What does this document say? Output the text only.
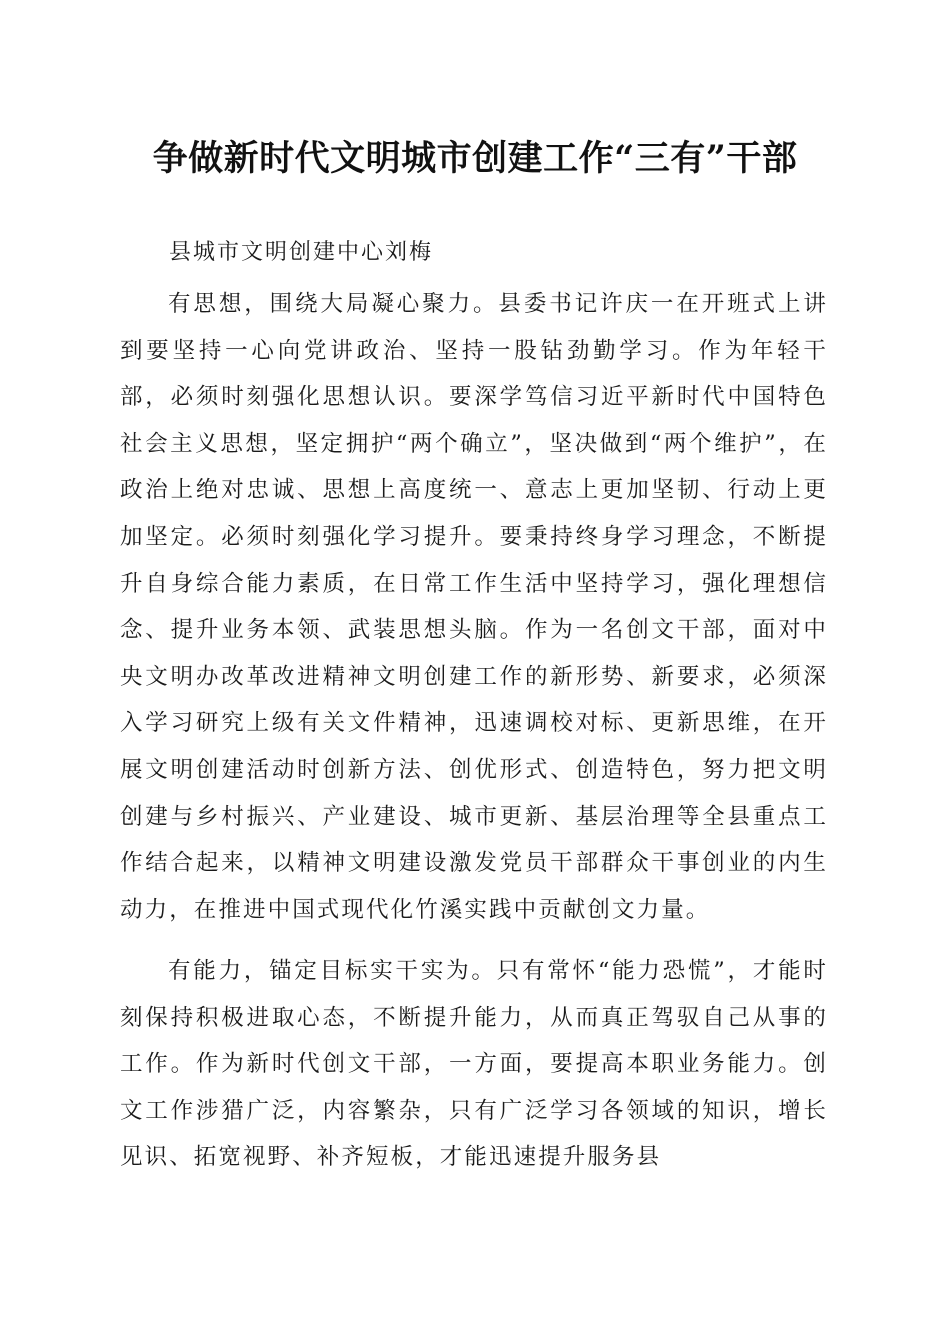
争做新时代文明城市创建工作“三有”干部

县城市文明创建中心刘梅

有思想，围绕大局凝心聚力。县委书记许庆一在开班式上讲到要坚持一心向党讲政治、坚持一股钻劲勤学习。作为年轻干部，必须时刻强化思想认识。要深学笃信习近平新时代中国特色社会主义思想，坚定拥护“两个确立”，坚决做到“两个维护”，在政治上绝对忠诚、思想上高度统一、意志上更加坚韧、行动上更加坚定。必须时刻强化学习提升。要秉持终身学习理念，不断提升自身综合能力素质，在日常工作生活中坚持学习，强化理想信念、提升业务本领、武装思想头脑。作为一名创文干部，面对中央文明办改革改进精神文明创建工作的新形势、新要求，必须深入学习研究上级有关文件精神，迅速调校对标、更新思维，在开展文明创建活动时创新方法、创优形式、创造特色，努力把文明创建与乡村振兴、产业建设、城市更新、基层治理等全县重点工作结合起来，以精神文明建设激发党员干部群众干事创业的内生动力，在推进中国式现代化竹溪实践中贡献创文力量。

有能力，锚定目标实干实为。只有常怀“能力恐慌”，才能时刻保持积极进取心态，不断提升能力，从而真正驾驭自己从事的工作。作为新时代创文干部，一方面，要提高本职业务能力。创文工作涉猎广泛，内容繁杂，只有广泛学习各领域的知识，增长见识、拓宽视野、补齐短板，才能迅速提升服务县
